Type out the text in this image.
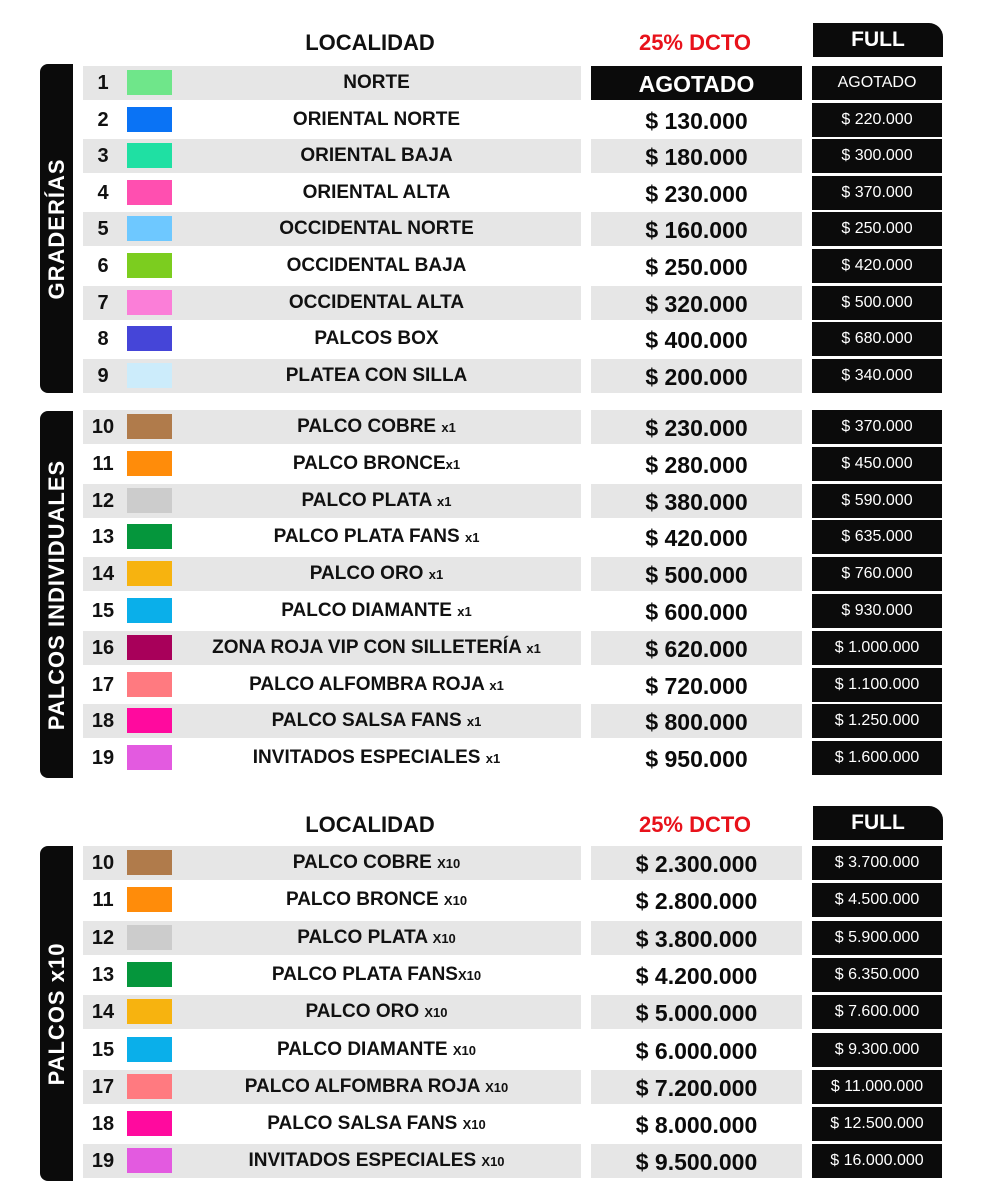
LOCALIDAD	25% DCTO	FULL
LOCALIDAD	25% DCTO	FULL
GRADERÍAS
PALCOS INDIVIDUALES
PALCOS x10
1	NORTE	AGOTADO	AGOTADO
2	ORIENTAL NORTE	$ 130.000	$ 220.000
3	ORIENTAL BAJA	$ 180.000	$ 300.000
4	ORIENTAL ALTA	$ 230.000	$ 370.000
5	OCCIDENTAL NORTE	$ 160.000	$ 250.000
6	OCCIDENTAL BAJA	$ 250.000	$ 420.000
7	OCCIDENTAL ALTA	$ 320.000	$ 500.000
8	PALCOS BOX	$ 400.000	$ 680.000
9	PLATEA CON SILLA	$ 200.000	$ 340.000
10	PALCO COBRE x1	$ 230.000	$ 370.000
11	PALCO BRONCEx1	$ 280.000	$ 450.000
12	PALCO PLATA x1	$ 380.000	$ 590.000
13	PALCO PLATA FANS x1	$ 420.000	$ 635.000
14	PALCO ORO x1	$ 500.000	$ 760.000
15	PALCO DIAMANTE x1	$ 600.000	$ 930.000
16	ZONA ROJA VIP CON SILLETERÍA x1	$ 620.000	$ 1.000.000
17	PALCO ALFOMBRA ROJA x1	$ 720.000	$ 1.100.000
18	PALCO SALSA FANS x1	$ 800.000	$ 1.250.000
19	INVITADOS ESPECIALES x1	$ 950.000	$ 1.600.000
10	PALCO COBRE X10	$ 2.300.000	$ 3.700.000
11	PALCO BRONCE X10	$ 2.800.000	$ 4.500.000
12	PALCO PLATA X10	$ 3.800.000	$ 5.900.000
13	PALCO PLATA FANSX10	$ 4.200.000	$ 6.350.000
14	PALCO ORO X10	$ 5.000.000	$ 7.600.000
15	PALCO DIAMANTE X10	$ 6.000.000	$ 9.300.000
17	PALCO ALFOMBRA ROJA X10	$ 7.200.000	$ 11.000.000
18	PALCO SALSA FANS X10	$ 8.000.000	$ 12.500.000
19	INVITADOS ESPECIALES X10	$ 9.500.000	$ 16.000.000
